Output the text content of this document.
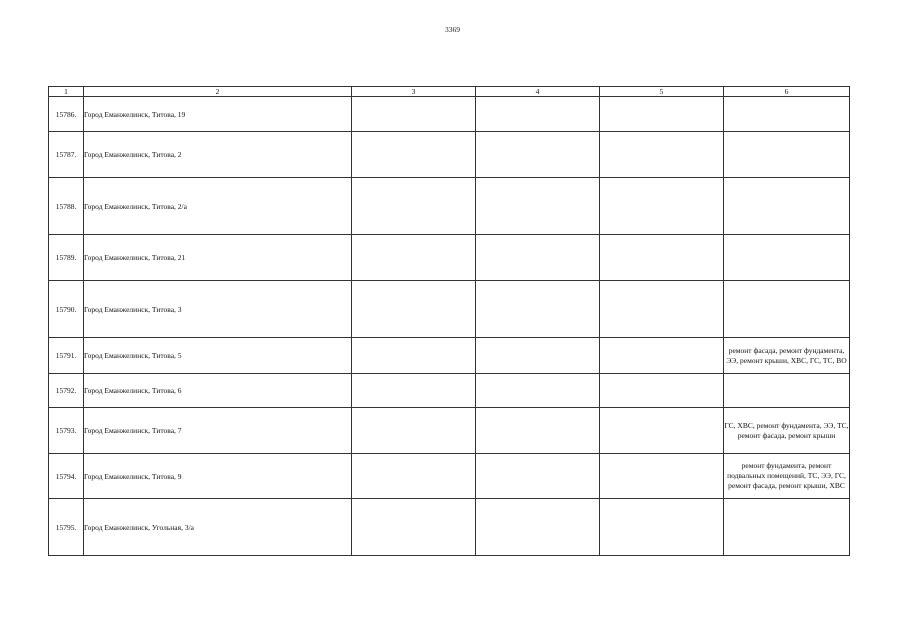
3369
1	2	3	4	5	6
15786.	Город Еманжелинск, Титова, 19				
15787.	Город Еманжелинск, Титова, 2				
15788.	Город Еманжелинск, Титова, 2/а				
15789.	Город Еманжелинск, Титова, 21				
15790.	Город Еманжелинск, Титова, 3				
15791.	Город Еманжелинск, Титова, 5				ремонт фасада, ремонт фундамента, ЭЭ, ремонт крыши, ХВС, ГС, ТС, ВО
15792.	Город Еманжелинск, Титова, 6				
15793.	Город Еманжелинск, Титова, 7				ГС, ХВС, ремонт фундамента, ЭЭ, ТС, ремонт фасада, ремонт крыши
15794.	Город Еманжелинск, Титова, 9				ремонт фундамента, ремонт подвальных помещений, ТС, ЭЭ, ГС, ремонт фасада, ремонт крыши, ХВС
15795.	Город Еманжелинск, Угольная, 3/а				
